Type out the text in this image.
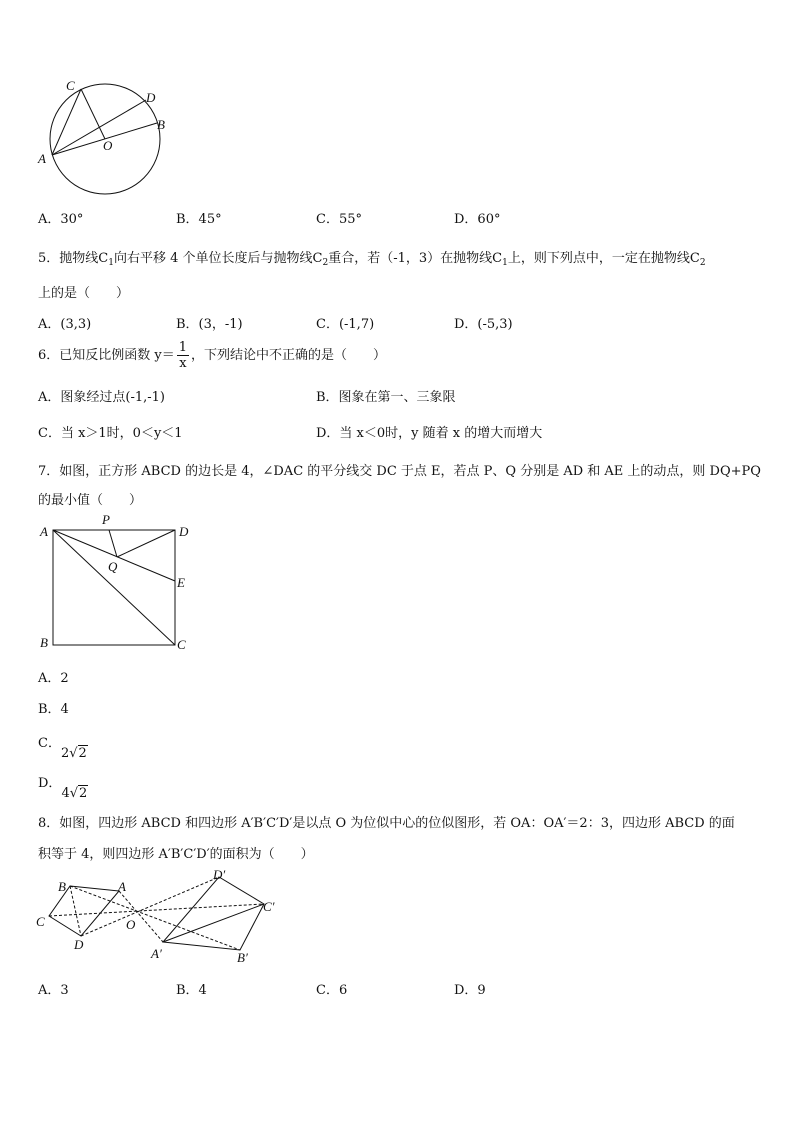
C
D
B
A
O
A．30°	B．45°	C．55°	D．60°
5．抛物线$C_1$向右平移 4 个单位长度后与抛物线$C_2$重合，若（-1，3）在抛物线$C_1$上，则下列点中，一定在抛物线$C_2$
上的是（　　）
A．(3,3)	B．(3，-1)	C．(-1,7)	D．(-5,3)
6．已知反比例函数 $y= \frac{1}{x}$ ，下列结论中不正确的是（　　）
A．图象经过点(-1,-1)	B．图象在第一、三象限
C．当 x＞1时，0＜y＜1	D．当 x＜0时，y 随着 x 的增大而增大
7．如图，正方形 ABCD 的边长是 4，∠DAC 的平分线交 DC 于点 E，若点 P、Q 分别是 AD 和 AE 上的动点，则 DQ+PQ
的最小值（　　）
A
P
D
Q
E
B	C
A．2
B．4
C．2√2
D．4√2
8．如图，四边形 ABCD 和四边形 A′B′C′D′是以点 O 为位似中心的位似图形，若 OA：OA′＝2：3，四边形 ABCD 的面
积等于 4，则四边形 A′B′C′D′的面积为（　　）
B	A
C	O
D
D′
C′
A′	B′
A．3	B．4	C．6	D．9
